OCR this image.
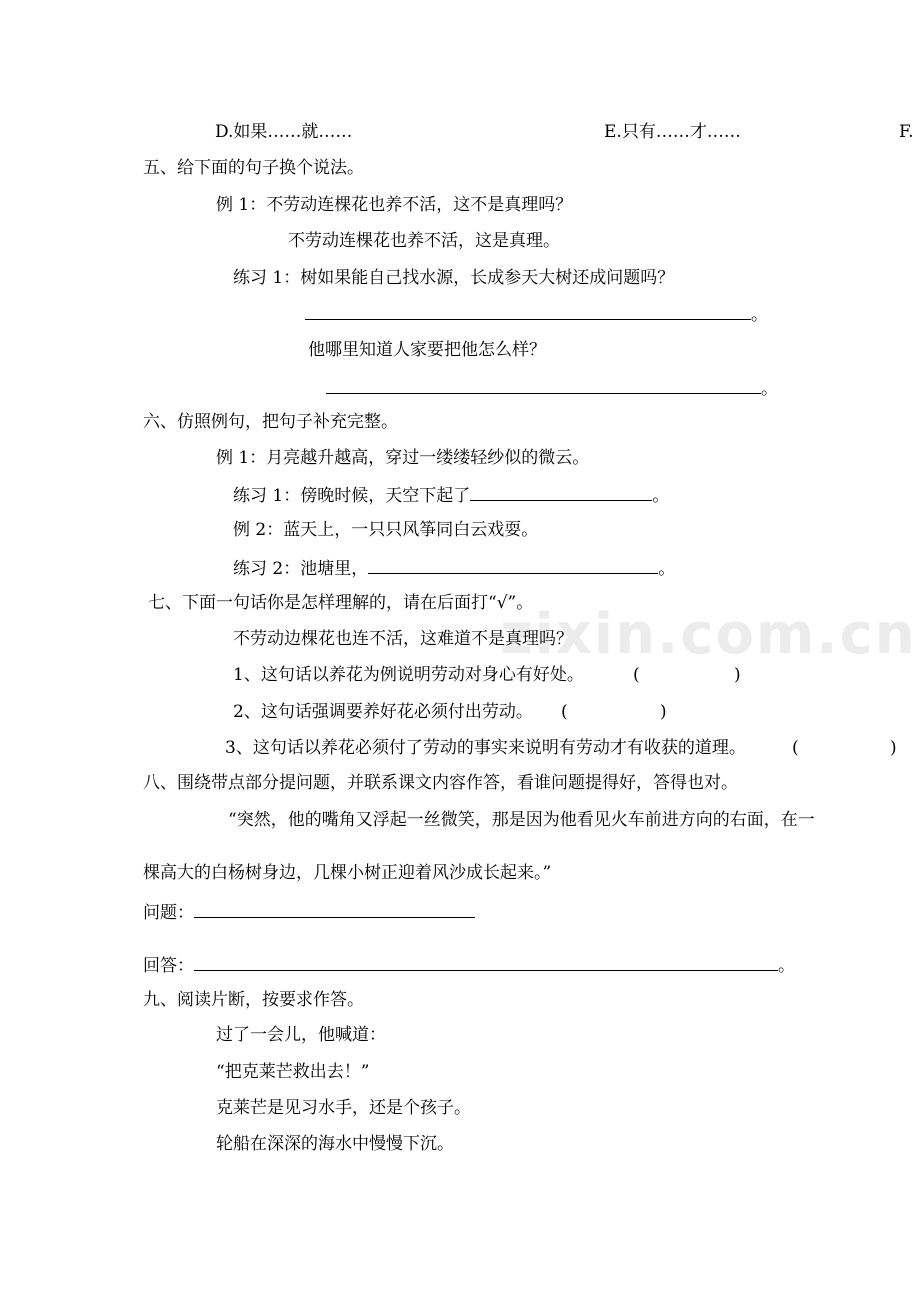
zixin.com.cn
D.如果……就……	E.只有……才……	F.
五、给下面的句子换个说法。
例 1：不劳动连棵花也养不活，这不是真理吗？
不劳动连棵花也养不活，这是真理。
练习 1：树如果能自己找水源，长成参天大树还成问题吗？
。
他哪里知道人家要把他怎么样？
。
六、仿照例句，把句子补充完整。
例 1：月亮越升越高，穿过一缕缕轻纱似的微云。
练习 1：傍晚时候，天空下起了	。
例 2：蓝天上，一只只风筝同白云戏耍。
练习 2：池塘里，	。
七、下面一句话你是怎样理解的，请在后面打“√”。
不劳动边棵花也连不活，这难道不是真理吗？
1、这句话以养花为例说明劳动对身心有好处。	(	)
2、这句话强调要养好花必须付出劳动。 (	)
3、这句话以养花必须付了劳动的事实来说明有劳动才有收获的道理。	(	)
八、围绕带点部分提问题，并联系课文内容作答，看谁问题提得好，答得也对。
“突然，他的嘴角又浮起一丝微笑，那是因为他看见火车前进方向的右面，在一
棵高大的白杨树身边，几棵小树正迎着风沙成长起来。”
问题：
回答：	。
九、阅读片断，按要求作答。
过了一会儿，他喊道：
“把克莱芒救出去！”
克莱芒是见习水手，还是个孩子。
轮船在深深的海水中慢慢下沉。
